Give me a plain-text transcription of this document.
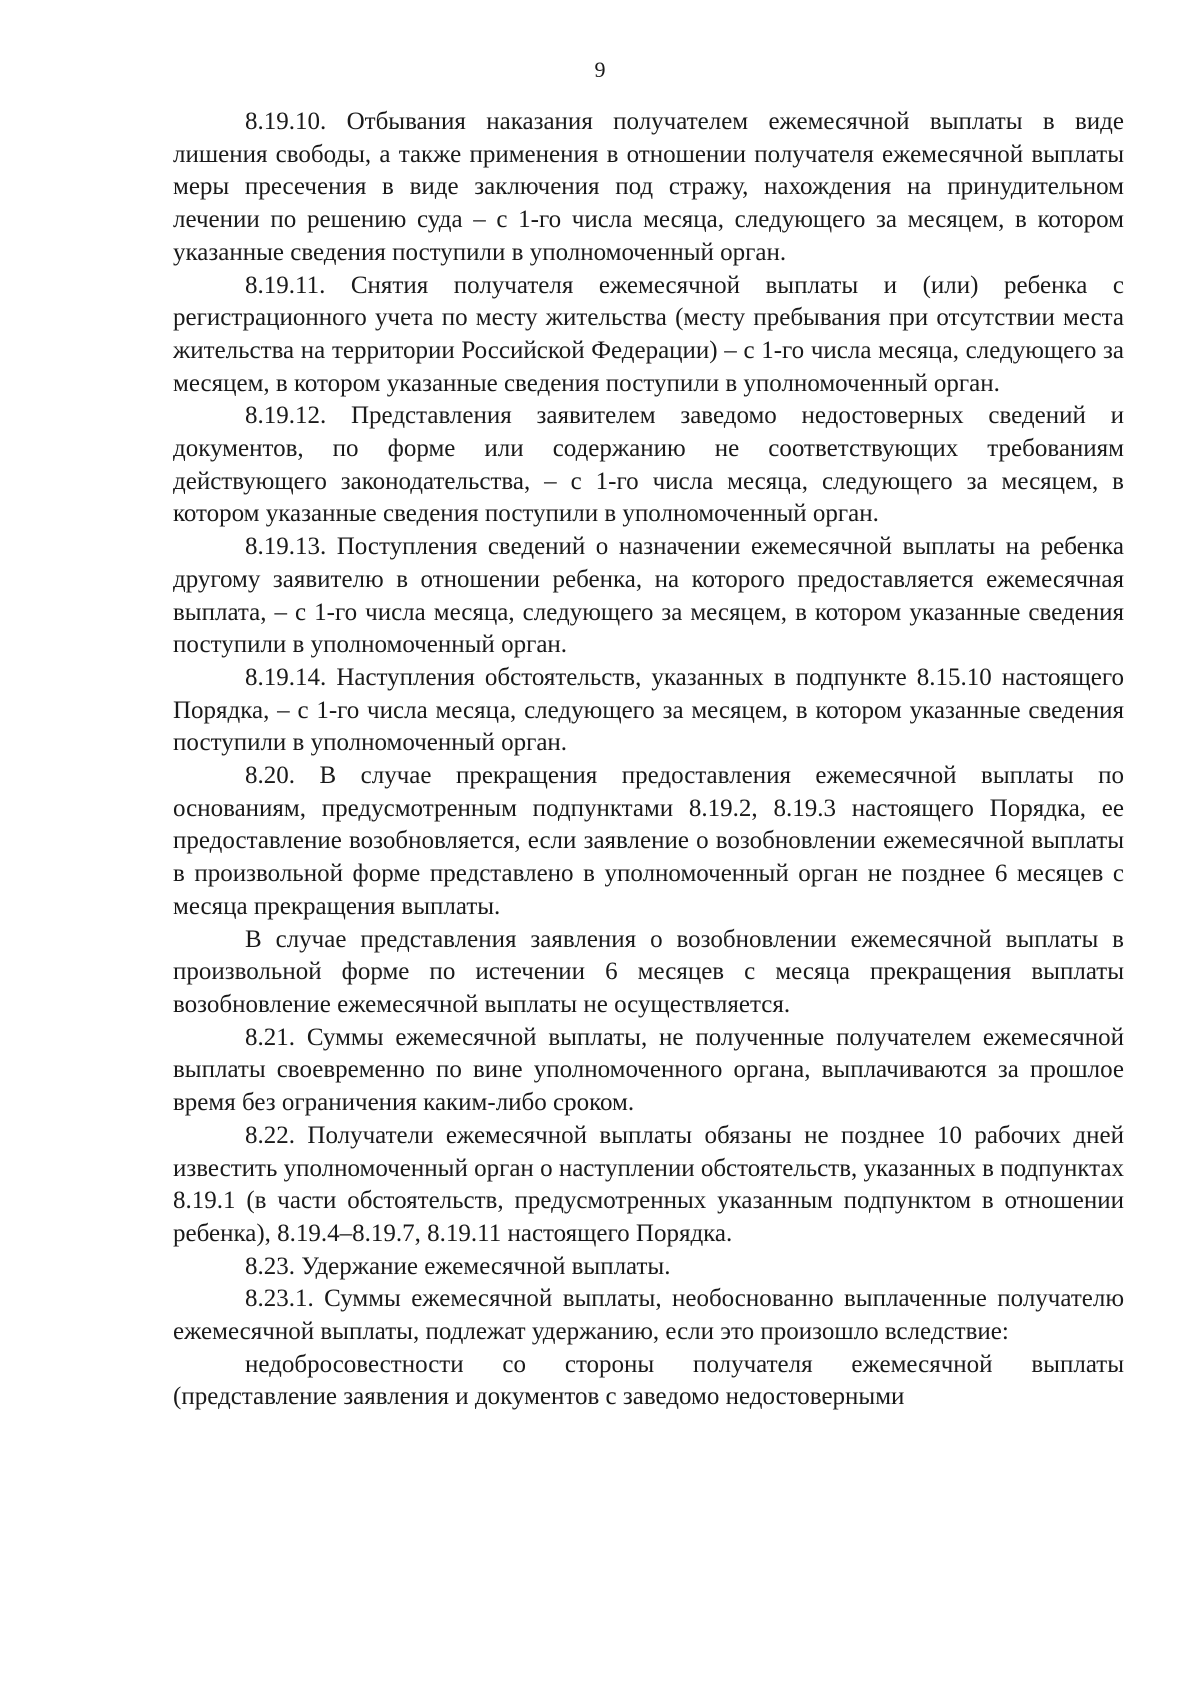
9

8.19.10. Отбывания наказания получателем ежемесячной выплаты в виде лишения свободы, а также применения в отношении получателя ежемесячной выплаты меры пресечения в виде заключения под стражу, нахождения на принудительном лечении по решению суда – с 1-го числа месяца, следующего за месяцем, в котором указанные сведения поступили в уполномоченный орган.

8.19.11. Снятия получателя ежемесячной выплаты и (или) ребенка с регистрационного учета по месту жительства (месту пребывания при отсутствии места жительства на территории Российской Федерации) – с 1-го числа месяца, следующего за месяцем, в котором указанные сведения поступили в уполномоченный орган.

8.19.12. Представления заявителем заведомо недостоверных сведений и документов, по форме или содержанию не соответствующих требованиям действующего законодательства, – с 1-го числа месяца, следующего за месяцем, в котором указанные сведения поступили в уполномоченный орган.

8.19.13. Поступления сведений о назначении ежемесячной выплаты на ребенка другому заявителю в отношении ребенка, на которого предоставляется ежемесячная выплата, – с 1-го числа месяца, следующего за месяцем, в котором указанные сведения поступили в уполномоченный орган.

8.19.14. Наступления обстоятельств, указанных в подпункте 8.15.10 настоящего Порядка, – с 1-го числа месяца, следующего за месяцем, в котором указанные сведения поступили в уполномоченный орган.

8.20. В случае прекращения предоставления ежемесячной выплаты по основаниям, предусмотренным подпунктами 8.19.2, 8.19.3 настоящего Порядка, ее предоставление возобновляется, если заявление о возобновлении ежемесячной выплаты в произвольной форме представлено в уполномоченный орган не позднее 6 месяцев с месяца прекращения выплаты.

В случае представления заявления о возобновлении ежемесячной выплаты в произвольной форме по истечении 6 месяцев с месяца прекращения выплаты возобновление ежемесячной выплаты не осуществляется.

8.21. Суммы ежемесячной выплаты, не полученные получателем ежемесячной выплаты своевременно по вине уполномоченного органа, выплачиваются за прошлое время без ограничения каким-либо сроком.

8.22. Получатели ежемесячной выплаты обязаны не позднее 10 рабочих дней известить уполномоченный орган о наступлении обстоятельств, указанных в подпунктах 8.19.1 (в части обстоятельств, предусмотренных указанным подпунктом в отношении ребенка), 8.19.4–8.19.7, 8.19.11 настоящего Порядка.

8.23. Удержание ежемесячной выплаты.

8.23.1. Суммы ежемесячной выплаты, необоснованно выплаченные получателю ежемесячной выплаты, подлежат удержанию, если это произошло вследствие:

недобросовестности со стороны получателя ежемесячной выплаты (представление заявления и документов с заведомо недостоверными
